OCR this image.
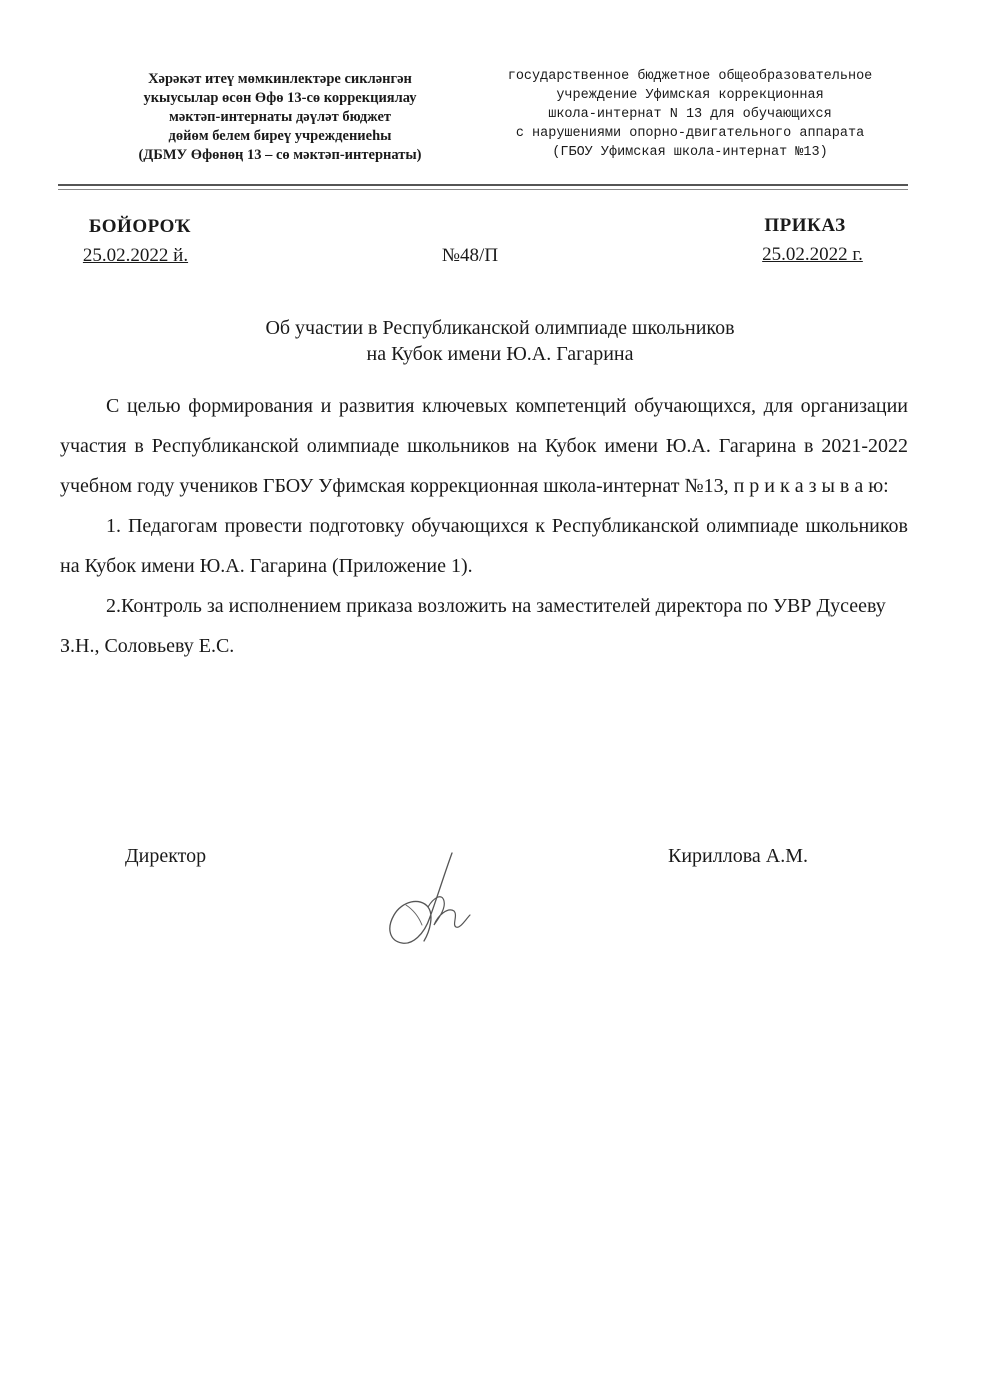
Хәрәкәт итеү мөмкинлектәре сикләнгән
укыусылар өсөн Өфө 13-сө коррекциялау
мәктәп-интернаты дәүләт бюджет
дөйөм белем биреү учреждениеһы
(ДБМУ Өфөнөң 13 – сө мәктәп-интернаты)
государственное бюджетное общеобразовательное
учреждение Уфимская коррекционная
школа-интернат N 13 для обучающихся
с нарушениями опорно-двигательного аппарата
(ГБОУ Уфимская школа-интернат №13)
БОЙОРОҠ
25.02.2022 й.	№48/П
ПРИКАЗ
25.02.2022 г.
Об участии в Республиканской олимпиаде школьников
на Кубок имени Ю.А. Гагарина

С целью формирования и развития ключевых компетенций обучающихся, для организации участия в Республиканской олимпиаде школьников на Кубок имени Ю.А. Гагарина в 2021-2022 учебном году учеников ГБОУ Уфимская коррекционная школа-интернат №13, п р и к а з ы в а ю:

1. Педагогам провести подготовку обучающихся к Республиканской олимпиаде школьников на Кубок имени Ю.А. Гагарина (Приложение 1).

2.Контроль за исполнением приказа возложить на заместителей директора по УВР Дусееву З.Н., Соловьеву Е.С.

Директор	Кириллова А.М.
